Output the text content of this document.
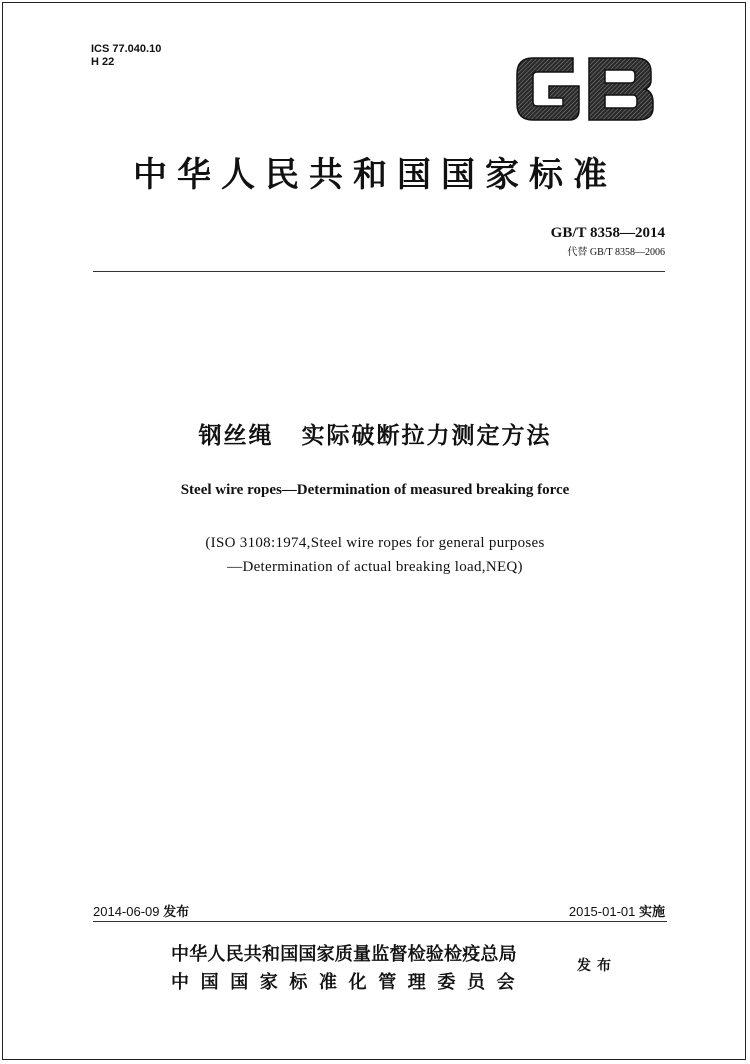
ICS 77.040.10
H 22
GB
中华人民共和国国家标准
GB/T 8358—2014
代替 GB/T 8358—2006
钢丝绳 实际破断拉力测定方法
Steel wire ropes—Determination of measured breaking force
(ISO 3108:1974,Steel wire ropes for general purposes
—Determination of actual breaking load,NEQ)
2014-06-09 发布	2015-01-01 实施
中华人民共和国国家质量监督检验检疫总局
中国国家标准化管理委员会
发布
